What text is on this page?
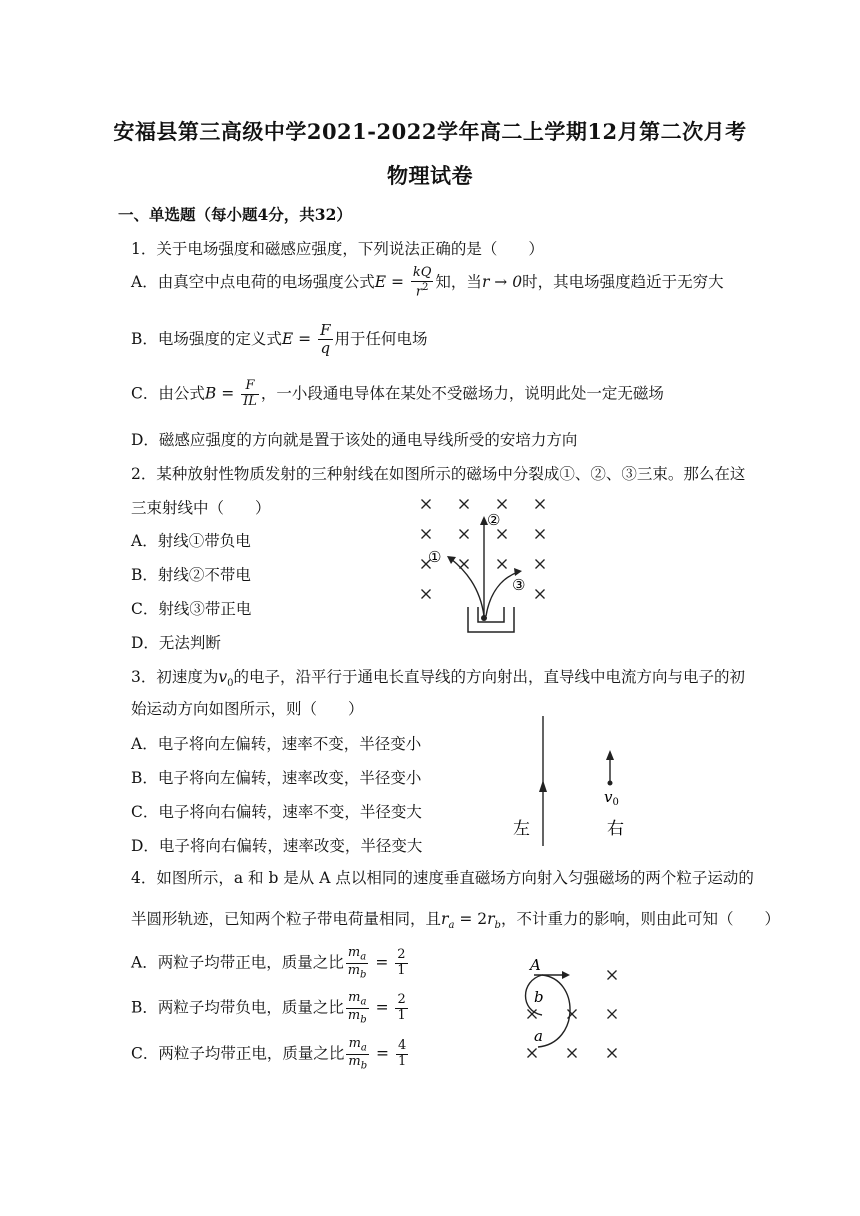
安福县第三高级中学2021-2022学年高二上学期12月第二次月考
物理试卷
一、单选题（每小题4分，共32）
1．关于电场强度和磁感应强度，下列说法正确的是（　　）
A．由真空中点电荷的电场强度公式$E = \frac{kQ}{r^2}$ 知，当r → 0时，其电场强度趋近于无穷大
B．电场强度的定义式$E = \frac{F}{q}$ 用于任何电场
C．由公式$B = \frac{F}{IL}$ ，一小段通电导体在某处不受磁场力，说明此处一定无磁场
D．磁感应强度的方向就是置于该处的通电导线所受的安培力方向
2．某种放射性物质发射的三种射线在如图所示的磁场中分裂成①、②、③三束。那么在这
三束射线中（　　）
A．射线①带负电
B．射线②不带电
C．射线③带正电
D．无法判断
①
②
③
3．初速度为$v_0$的电子，沿平行于通电长直导线的方向射出，直导线中电流方向与电子的初
始运动方向如图所示，则（　　）
A．电子将向左偏转，速率不变，半径变小
B．电子将向左偏转，速率改变，半径变小
C．电子将向右偏转，速率不变，半径变大
D．电子将向右偏转，速率改变，半径变大
$v_0$
左	右
4．如图所示，a 和 b 是从 A 点以相同的速度垂直磁场方向射入匀强磁场的两个粒子运动的
半圆形轨迹，已知两个粒子带电荷量相同，且$r_a = 2r_b$，不计重力的影响，则由此可知（　　）
A．两粒子均带正电，质量之比 $\frac{m_a}{m_b} = \frac{2}{1}$
B．两粒子均带负电，质量之比 $\frac{m_a}{m_b} = \frac{2}{1}$
C．两粒子均带正电，质量之比 $\frac{m_a}{m_b} = \frac{4}{1}$
A
b
a
